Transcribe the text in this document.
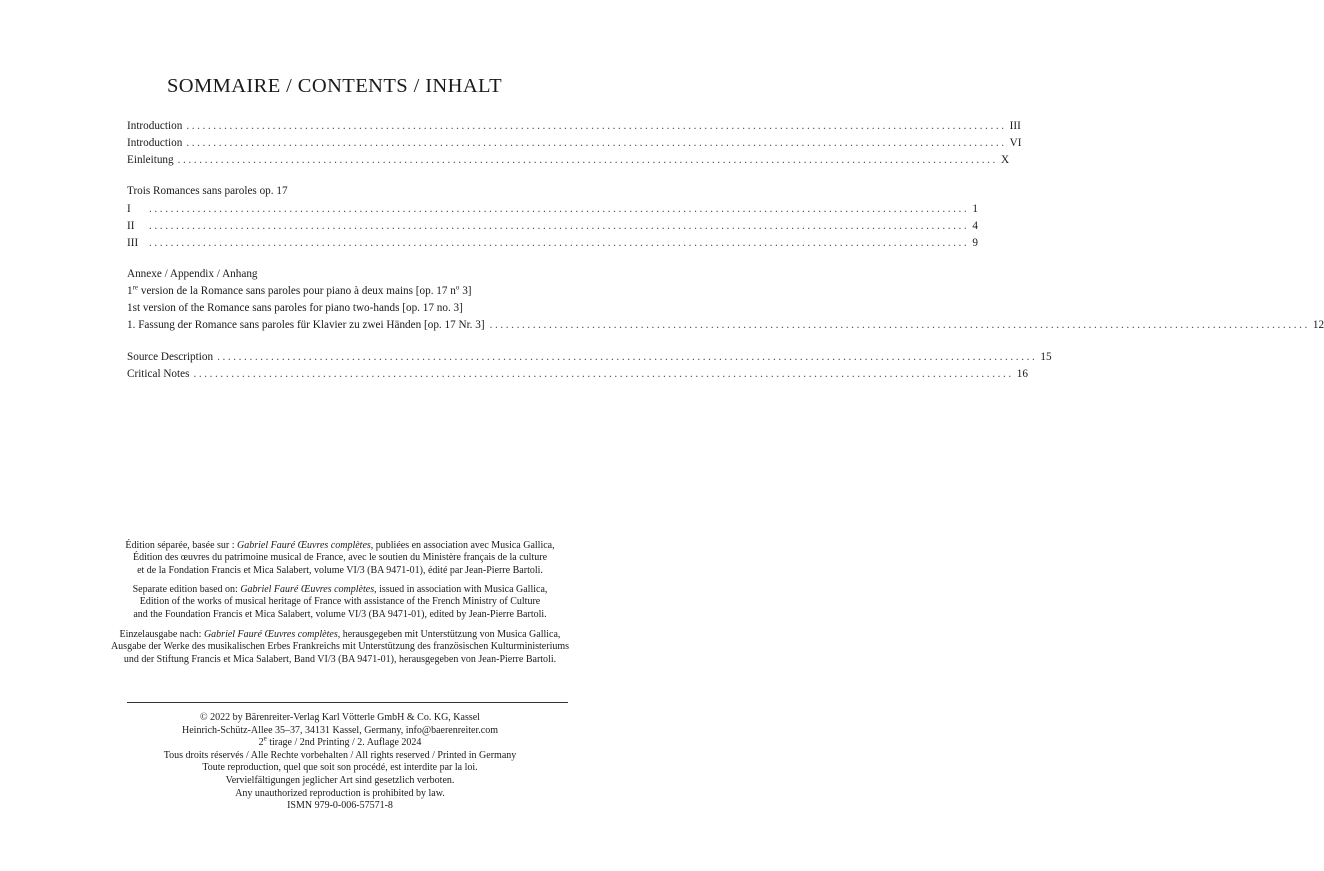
SOMMAIRE / CONTENTS / INHALT
Introduction ........................................................................................................................................................ III
Introduction ........................................................................................................................................................ VI
Einleitung ........................................................................................................................................................ X
Trois Romances sans paroles op. 17
I	........................................................................................................................................................ 1
II	........................................................................................................................................................ 4
III ........................................................................................................................................................ 9
Annexe / Appendix / Anhang
1re version de la Romance sans paroles pour piano à deux mains [op. 17 $n^o$ 3]
1st version of the Romance sans paroles for piano two-hands [op. 17 no. 3]
1. Fassung der Romance sans paroles für Klavier zu zwei Händen [op. 17 Nr. 3] ........................................................................................................................................................ 12
Source Description ........................................................................................................................................................ 15
Critical Notes ........................................................................................................................................................ 16
Édition séparée, basée sur : Gabriel Fauré Œuvres complètes, publiées en association avec Musica Gallica,
Édition des œuvres du patrimoine musical de France, avec le soutien du Ministère français de la culture
et de la Fondation Francis et Mica Salabert, volume VI/3 (BA 9471-01), édité par Jean-Pierre Bartoli.
Separate edition based on: Gabriel Fauré Œuvres complètes, issued in association with Musica Gallica,
Edition of the works of musical heritage of France with assistance of the French Ministry of Culture
and the Foundation Francis et Mica Salabert, volume VI/3 (BA 9471-01), edited by Jean-Pierre Bartoli.
Einzelausgabe nach: Gabriel Fauré Œuvres complètes, herausgegeben mit Unterstützung von Musica Gallica,
Ausgabe der Werke des musikalischen Erbes Frankreichs mit Unterstützung des französischen Kulturministeriums
und der Stiftung Francis et Mica Salabert, Band VI/3 (BA 9471-01), herausgegeben von Jean-Pierre Bartoli.
© 2022 by Bärenreiter-Verlag Karl Vötterle GmbH & Co. KG, Kassel
Heinrich-Schütz-Allee 35–37, 34131 Kassel, Germany, info@baerenreiter.com
2e tirage / 2nd Printing / 2. Auflage 2024
Tous droits réservés / Alle Rechte vorbehalten / All rights reserved / Printed in Germany
Toute reproduction, quel que soit son procédé, est interdite par la loi.
Vervielfältigungen jeglicher Art sind gesetzlich verboten.
Any unauthorized reproduction is prohibited by law.
ISMN 979-0-006-57571-8
